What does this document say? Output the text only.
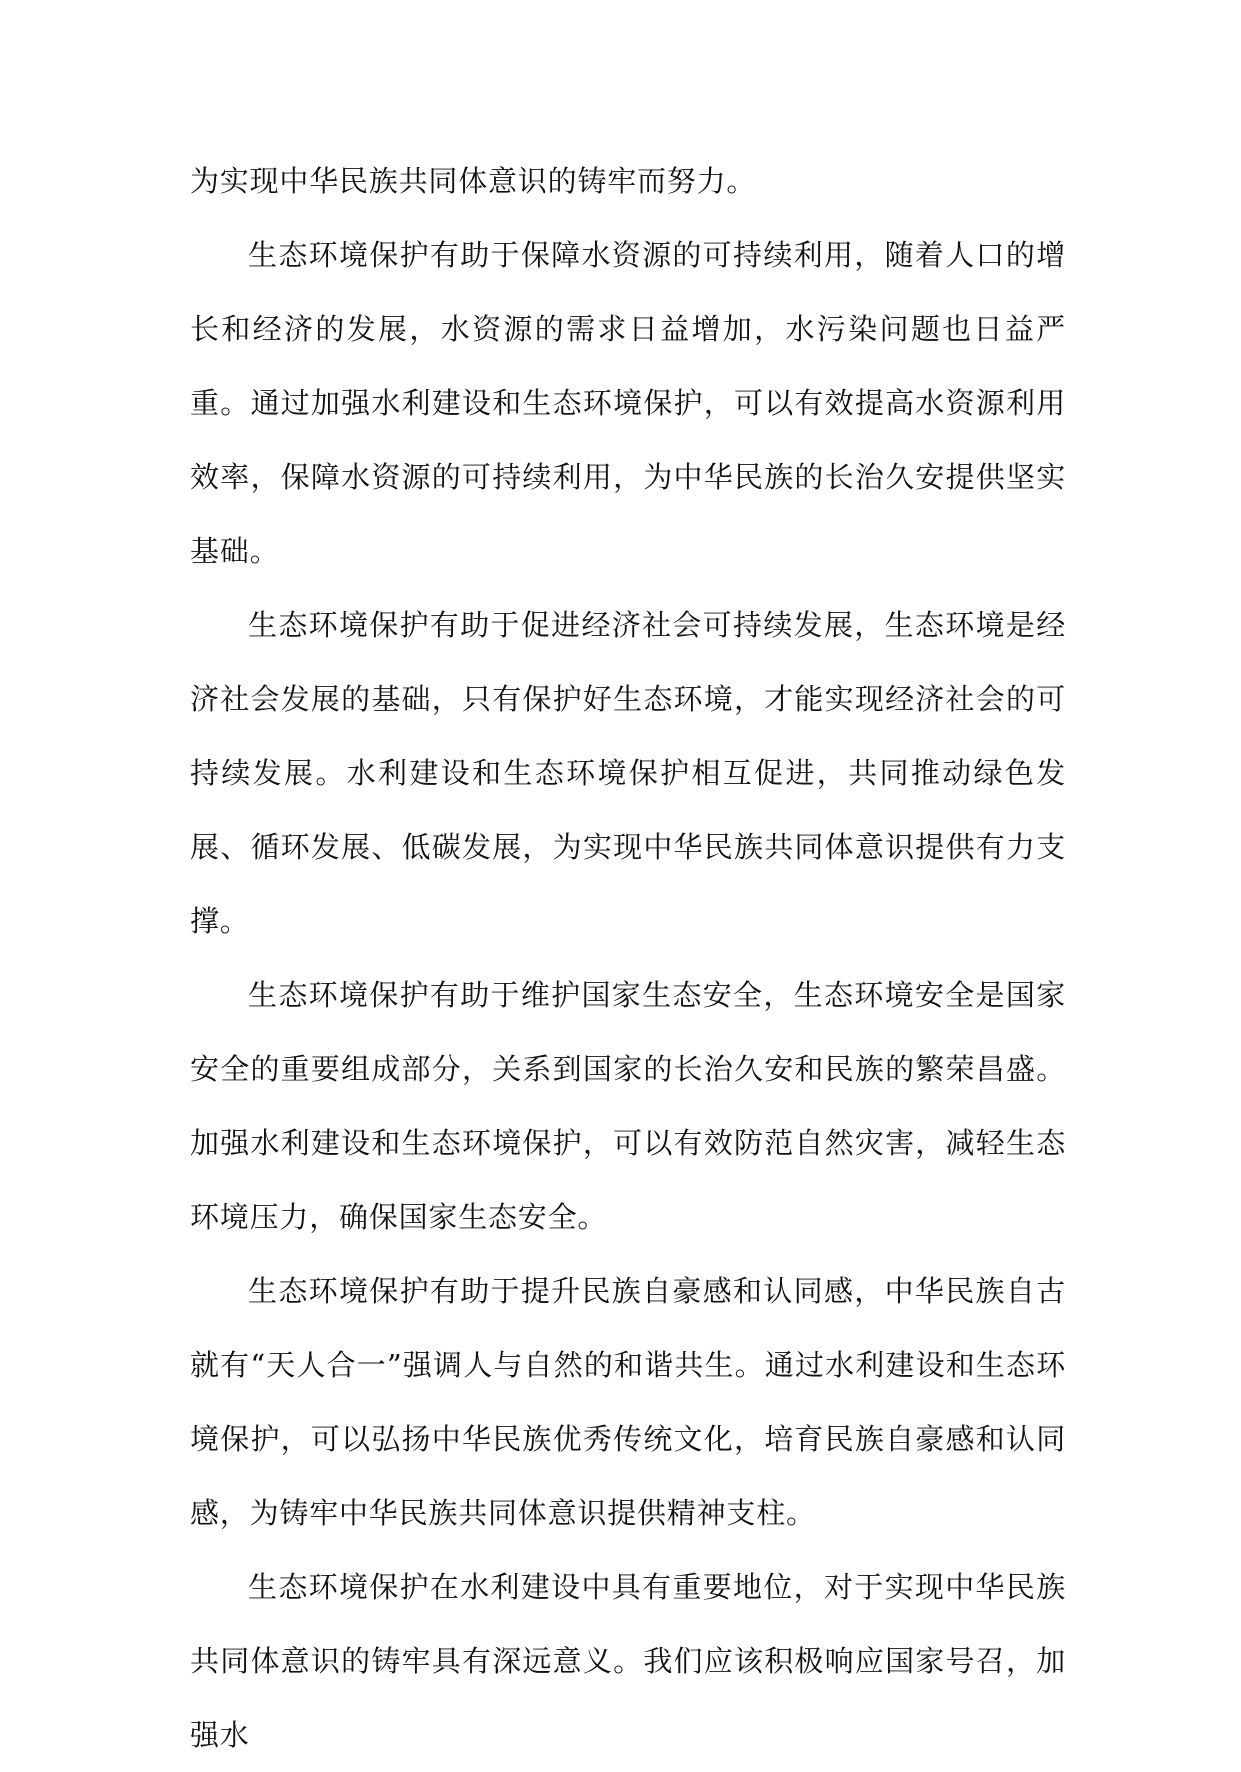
为实现中华民族共同体意识的铸牢而努力。

生态环境保护有助于保障水资源的可持续利用，随着人口的增长和经济的发展，水资源的需求日益增加，水污染问题也日益严重。通过加强水利建设和生态环境保护，可以有效提高水资源利用效率，保障水资源的可持续利用，为中华民族的长治久安提供坚实基础。

生态环境保护有助于促进经济社会可持续发展，生态环境是经济社会发展的基础，只有保护好生态环境，才能实现经济社会的可持续发展。水利建设和生态环境保护相互促进，共同推动绿色发展、循环发展、低碳发展，为实现中华民族共同体意识提供有力支撑。

生态环境保护有助于维护国家生态安全，生态环境安全是国家安全的重要组成部分，关系到国家的长治久安和民族的繁荣昌盛。加强水利建设和生态环境保护，可以有效防范自然灾害，减轻生态环境压力，确保国家生态安全。

生态环境保护有助于提升民族自豪感和认同感，中华民族自古就有“天人合一”强调人与自然的和谐共生。通过水利建设和生态环境保护，可以弘扬中华民族优秀传统文化，培育民族自豪感和认同感，为铸牢中华民族共同体意识提供精神支柱。

生态环境保护在水利建设中具有重要地位，对于实现中华民族共同体意识的铸牢具有深远意义。我们应该积极响应国家号召，加强水
